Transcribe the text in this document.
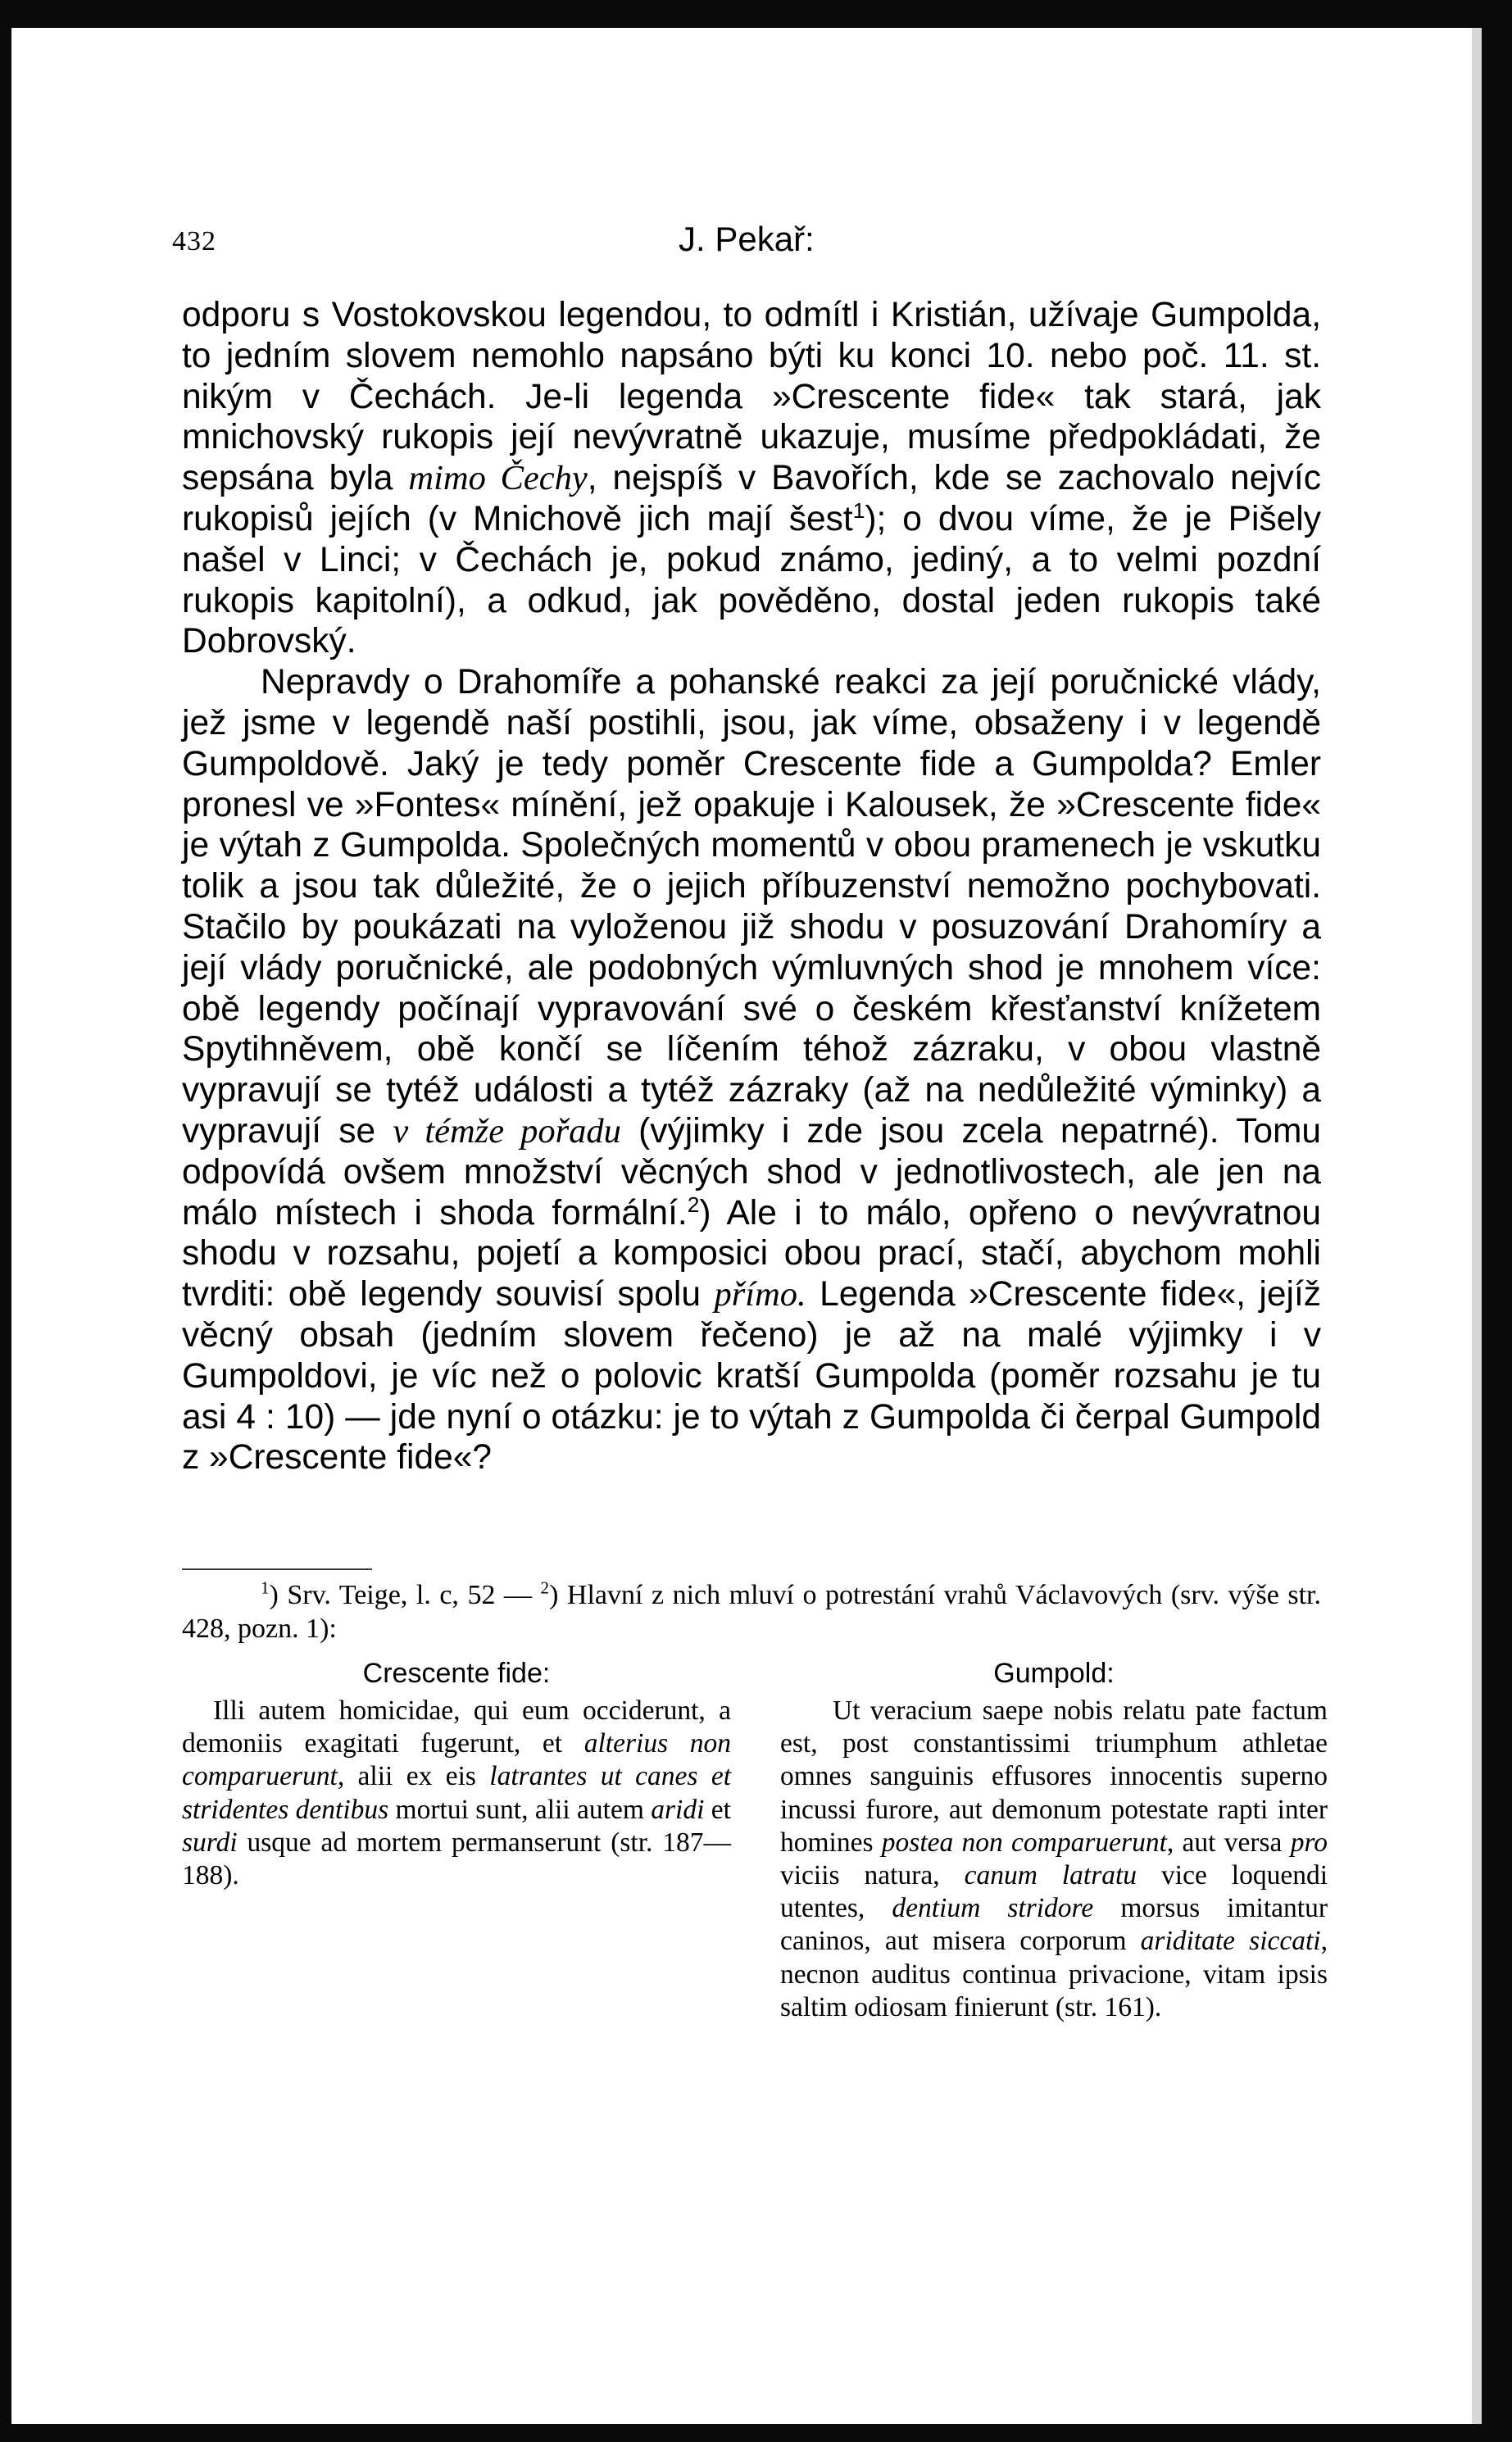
432	J. Pekař:

odporu s Vostokovskou legendou, to odmítl i Kristián, užívaje Gumpolda, to jedním slovem nemohlo napsáno býti ku konci 10. nebo poč. 11. st. nikým v Čechách. Je-li legenda »Crescente fide« tak stará, jak mnichovský rukopis její nevývratně ukazuje, musíme předpokládati, že sepsána byla mimo Čechy, nejspíš v Bavořích, kde se zachovalo nejvíc rukopisů jejích (v Mnichově jich mají šest$^1$); o dvou víme, že je Pišely našel v Linci; v Čechách je, pokud známo, jediný, a to velmi pozdní rukopis kapitolní), a odkud, jak pověděno, dostal jeden rukopis také Dobrovský.

Nepravdy o Drahomíře a pohanské reakci za její poručnické vlády, jež jsme v legendě naší postihli, jsou, jak víme, obsaženy i v legendě Gumpoldově. Jaký je tedy poměr Crescente fide a Gumpolda? Emler pronesl ve »Fontes« mínění, jež opakuje i Kalousek, že »Crescente fide« je výtah z Gumpolda. Společných momentů v obou pramenech je vskutku tolik a jsou tak důležité, že o jejich příbuzenství nemožno pochybovati. Stačilo by poukázati na vyloženou již shodu v posuzování Drahomíry a její vlády poručnické, ale podobných výmluvných shod je mnohem více: obě legendy počínají vypravování své o českém křesťanství knížetem Spytihněvem, obě končí se líčením téhož zázraku, v obou vlastně vypravují se tytéž události a tytéž zázraky (až na nedůležité výminky) a vypravují se v témže pořadu (výjimky i zde jsou zcela nepatrné). Tomu odpovídá ovšem množství věcných shod v jednotlivostech, ale jen na málo místech i shoda formální.$^2$) Ale i to málo, opřeno o nevývratnou shodu v rozsahu, pojetí a komposici obou prací, stačí, abychom mohli tvrditi: obě legendy souvisí spolu přímo. Legenda »Crescente fide«, jejíž věcný obsah (jedním slovem řečeno) je až na malé výjimky i v Gumpoldovi, je víc než o polovic kratší Gumpolda (poměr rozsahu je tu asi 4 : 10) — jde nyní o otázku: je to výtah z Gumpolda či čerpal Gumpold z »Crescente fide«?

$^1$) Srv. Teige, l. c, 52 — $^2$) Hlavní z nich mluví o potrestání vrahů Václavových (srv. výše str. 428, pozn. 1):

Crescente fide:
Illi autem homicidae, qui eum occiderunt, a demoniis exagitati fugerunt, et alterius non comparuerunt, alii ex eis latrantes ut canes et stridentes dentibus mortui sunt, alii autem aridi et surdi usque ad mortem permanserunt (str. 187—188).
Gumpold:
Ut veracium saepe nobis relatu pate factum est, post constantissimi triumphum athletae omnes sanguinis effusores innocentis superno incussi furore, aut demonum potestate rapti inter homines postea non comparuerunt, aut versa pro viciis natura, canum latratu vice loquendi utentes, dentium stridore morsus imitantur caninos, aut misera corporum ariditate siccati, necnon auditus continua privacione, vitam ipsis saltim odiosam finierunt (str. 161).
